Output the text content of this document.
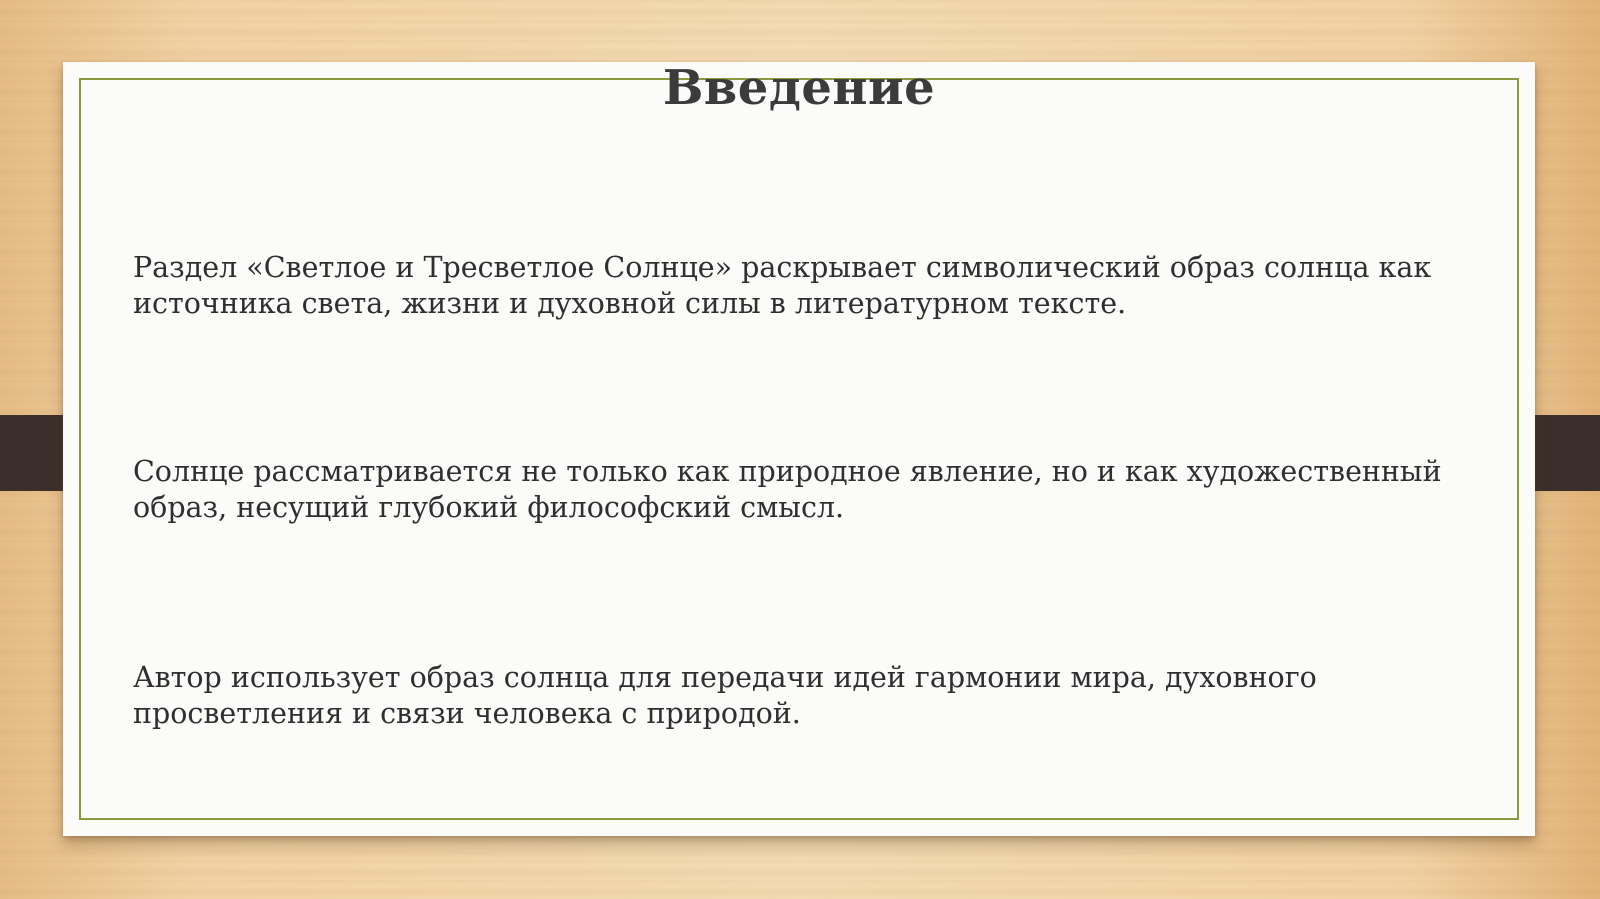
Введение
Раздел «Светлое и Тресветлое Солнце» раскрывает символический образ солнца как источника света, жизни и духовной силы в литературном тексте.
Солнце рассматривается не только как природное явление, но и как художественный образ, несущий глубокий философский смысл.
Автор использует образ солнца для передачи идей гармонии мира, духовного просветления и связи человека с природой.
